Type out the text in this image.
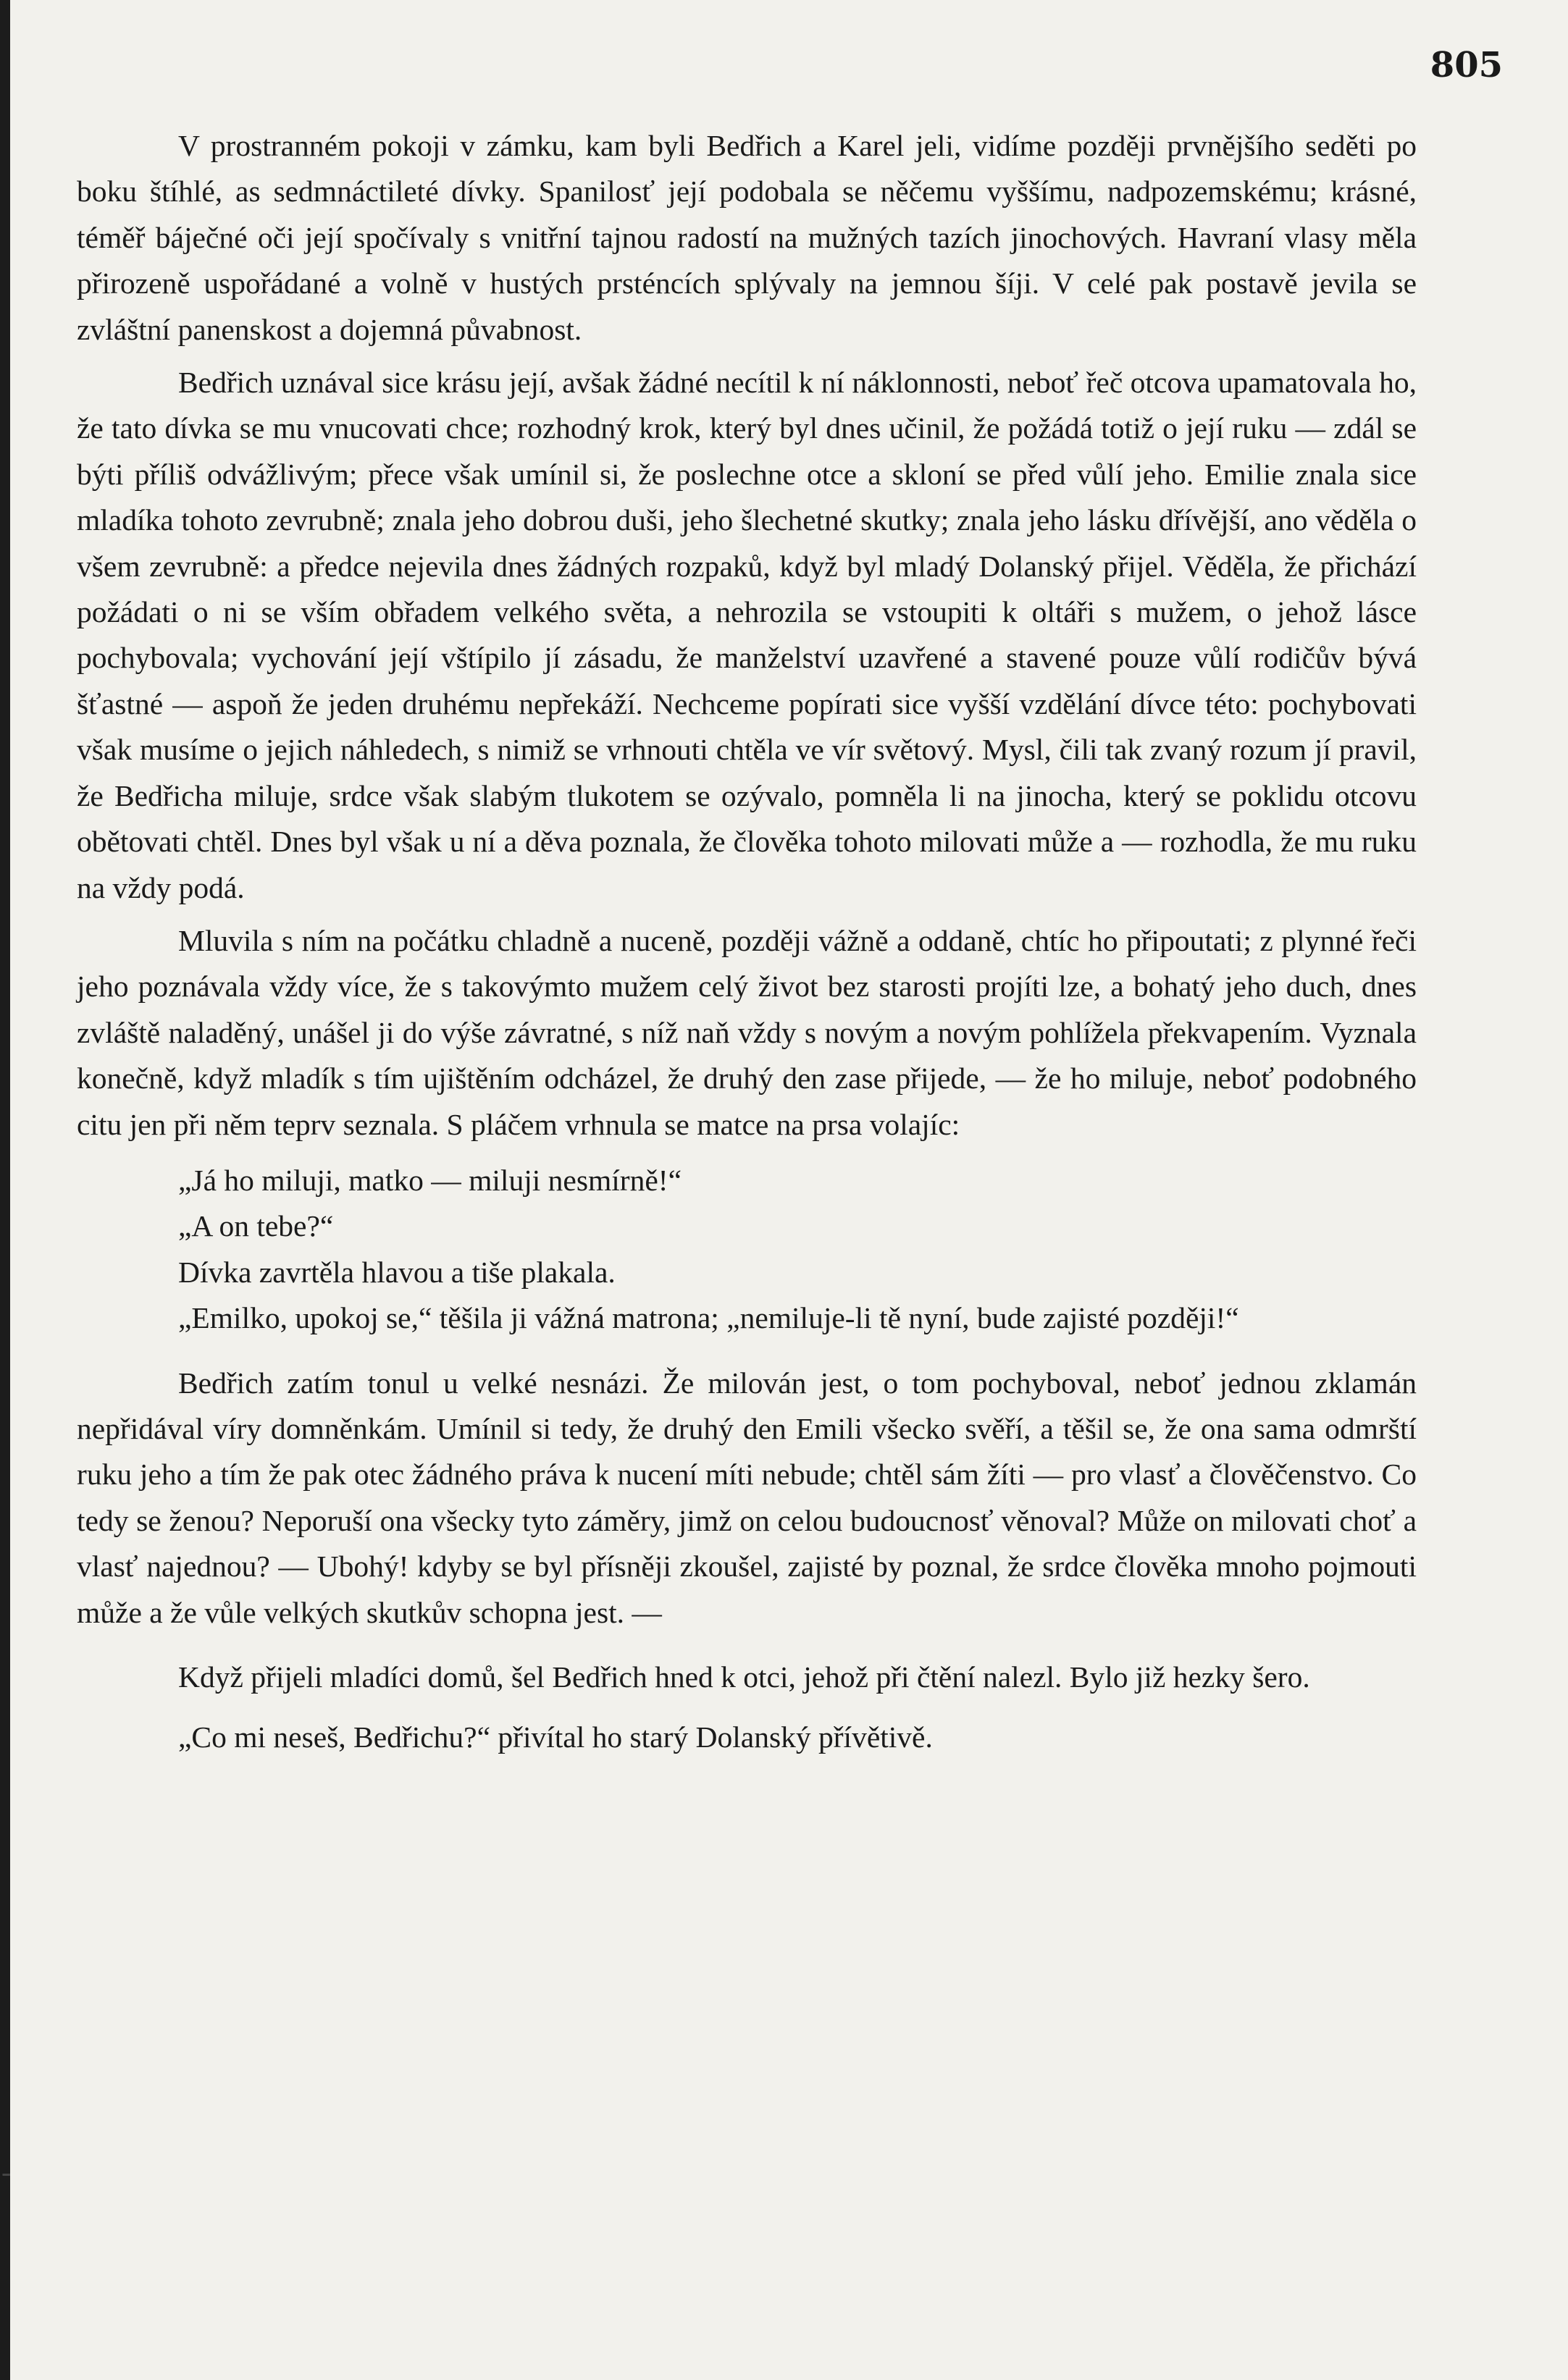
805

V prostranném pokoji v zámku, kam byli Bedřich a Karel jeli, vidíme později prvnějšího seděti po boku štíhlé, as sedmnáctileté dívky. Spanilosť její podobala se něčemu vyššímu, nadpozemskému; krásné, téměř báječné oči její spočívaly s vnitřní tajnou radostí na mužných tazích jinochových. Havraní vlasy měla přirozeně uspořádané a volně v hustých prsténcích splývaly na jemnou šíji. V celé pak postavě jevila se zvláštní panenskost a dojemná půvabnost.

Bedřich uznával sice krásu její, avšak žádné necítil k ní náklonnosti, neboť řeč otcova upamatovala ho, že tato dívka se mu vnucovati chce; rozhodný krok, který byl dnes učinil, že požádá totiž o její ruku — zdál se býti příliš odvážlivým; přece však umínil si, že poslechne otce a skloní se před vůlí jeho. Emilie znala sice mladíka tohoto zevrubně; znala jeho dobrou duši, jeho šlechetné skutky; znala jeho lásku dřívější, ano věděla o všem zevrubně: a předce nejevila dnes žádných rozpaků, když byl mladý Dolanský přijel. Věděla, že přichází požádati o ni se vším obřadem velkého světa, a nehrozila se vstoupiti k oltáři s mužem, o jehož lásce pochybovala; vychování její vštípilo jí zásadu, že manželství uzavřené a stavené pouze vůlí rodičův bývá šťastné — aspoň že jeden druhému nepřekáží. Nechceme popírati sice vyšší vzdělání dívce této: pochybovati však musíme o jejich náhledech, s nimiž se vrhnouti chtěla ve vír světový. Mysl, čili tak zvaný rozum jí pravil, že Bedřicha miluje, srdce však slabým tlukotem se ozývalo, pomněla li na jinocha, který se poklidu otcovu obětovati chtěl. Dnes byl však u ní a děva poznala, že člověka tohoto milovati může a — rozhodla, že mu ruku na vždy podá.

Mluvila s ním na počátku chladně a nuceně, později vážně a oddaně, chtíc ho připoutati; z plynné řeči jeho poznávala vždy více, že s takovýmto mužem celý život bez starosti projíti lze, a bohatý jeho duch, dnes zvláště naladěný, unášel ji do výše závratné, s níž naň vždy s novým a novým pohlížela překvapením. Vyznala konečně, když mladík s tím ujištěním odcházel, že druhý den zase přijede, — že ho miluje, neboť podobného citu jen při něm teprv seznala. S pláčem vrhnula se matce na prsa volajíc:

„Já ho miluji, matko — miluji nesmírně!“

„A on tebe?“

Dívka zavrtěla hlavou a tiše plakala.

„Emilko, upokoj se,“ těšila ji vážná matrona; „nemiluje-li tě nyní, bude zajisté později!“

Bedřich zatím tonul u velké nesnázi. Že milován jest, o tom pochyboval, neboť jednou zklamán nepřidával víry domněnkám. Umínil si tedy, že druhý den Emili všecko svěří, a těšil se, že ona sama odmrští ruku jeho a tím že pak otec žádného práva k nucení míti nebude; chtěl sám žíti — pro vlasť a člověčenstvo. Co tedy se ženou? Neporuší ona všecky tyto záměry, jimž on celou budoucnosť věnoval? Může on milovati choť a vlasť najednou? — Ubohý! kdyby se byl přísněji zkoušel, zajisté by poznal, že srdce člověka mnoho pojmouti může a že vůle velkých skutkův schopna jest. —

Když přijeli mladíci domů, šel Bedřich hned k otci, jehož při čtění nalezl. Bylo již hezky šero.

„Co mi neseš, Bedřichu?“ přivítal ho starý Dolanský přívětivě.

-
